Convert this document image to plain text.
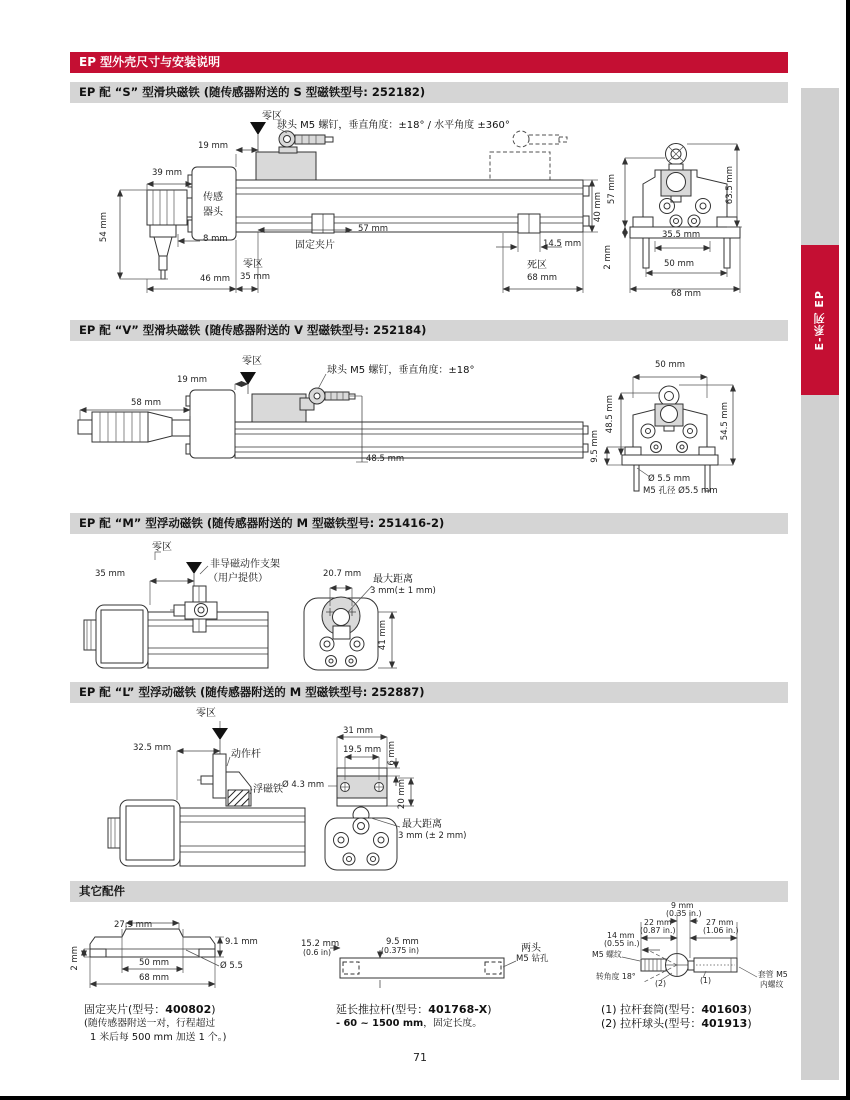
EP 型外壳尺寸与安装说明
EP 配 “S” 型滑块磁铁 (随传感器附送的 S 型磁铁型号: 252182)
EP 配 “V” 型滑块磁铁 (随传感器附送的 V 型磁铁型号: 252184)
EP 配 “M” 型浮动磁铁 (随传感器附送的 M 型磁铁型号: 251416-2)
EP 配 “L” 型浮动磁铁 (随传感器附送的 M 型磁铁型号: 252887)
其它配件
E-系列 EP
零区
球头 M5 螺钉，垂直角度：±18° / 水平角度 ±360°
19 mm
39 mm
传感
器头
54 mm	8 mm
固定夹片
57 mm
46 mm
零区
35 mm
14.5 mm
死区
68 mm
40 mm
57 mm	63.5 mm
35.5 mm
2 mm	50 mm
68 mm
零区
球头 M5 螺钉，垂直角度：±18°
19 mm
58 mm
48.5 mm
50 mm
48.5 mm
9.5 mm
54.5 mm
Ø 5.5 mm
M5 孔径 Ø5.5 mm
零区
非导磁动作支架
（用户提供）
35 mm	20.7 mm 最大距离
3 mm(± 1 mm)
41 mm
零区
32.5 mm
动作杆
浮磁铁 Ø 4.3 mm
31 mm
19.5 mm 6 mm
20 mm
最大距离
3 mm (± 2 mm)
27.9 mm
9.1 mm
2 mm	50 mm	Ø 5.5
68 mm
固定夹片(型号：400802)
(随传感器附送一对，行程超过
1 米后每 500 mm 加送 1 个。)
15.2 mm
(0.6 in)
9.5 mm
(0.375 in)	两头
M5 钻孔
延长推拉杆(型号：401768-X)
- 60 ~ 1500 mm，固定长度。
9 mm
(0.35 in.)
22 mm
(0.87 in.)
27 mm
(1.06 in.)
14 mm
(0.55 in.)
M5 螺纹
转角度 18°
(2)	(1)
套管 M5
内螺纹
(1) 拉杆套筒(型号：401603)
(2) 拉杆球头(型号：401913)
71
